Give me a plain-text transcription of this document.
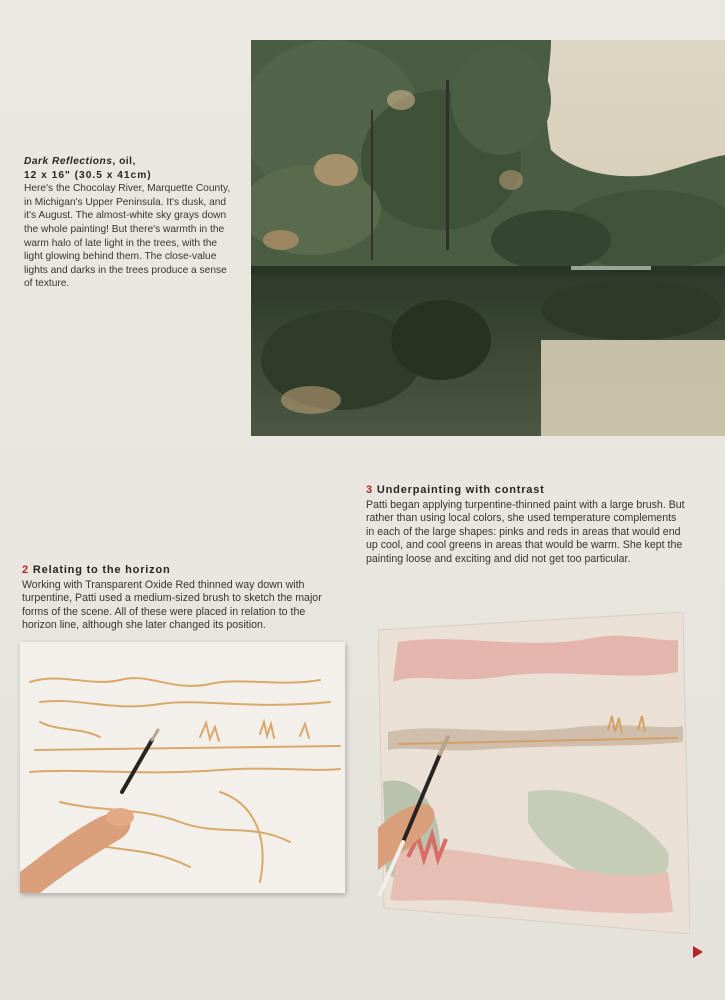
Dark Reflections, oil,
12 x 16" (30.5 x 41cm)
Here's the Chocolay River, Marquette County, in Michigan's Upper Peninsula. It's dusk, and it's August. The almost-white sky grays down the whole painting! But there's warmth in the warm halo of late light in the trees, with the light glowing behind them. The close-value lights and darks in the trees produce a sense of texture.
3 Underpainting with contrast
Patti began applying turpentine-thinned paint with a large brush. But rather than using local colors, she used temperature complements in each of the large shapes: pinks and reds in areas that would end up cool, and cool greens in areas that would be warm. She kept the painting loose and exciting and did not get too particular.
2 Relating to the horizon
Working with Transparent Oxide Red thinned way down with turpentine, Patti used a medium-sized brush to sketch the major forms of the scene. All of these were placed in relation to the horizon line, although she later changed its position.
